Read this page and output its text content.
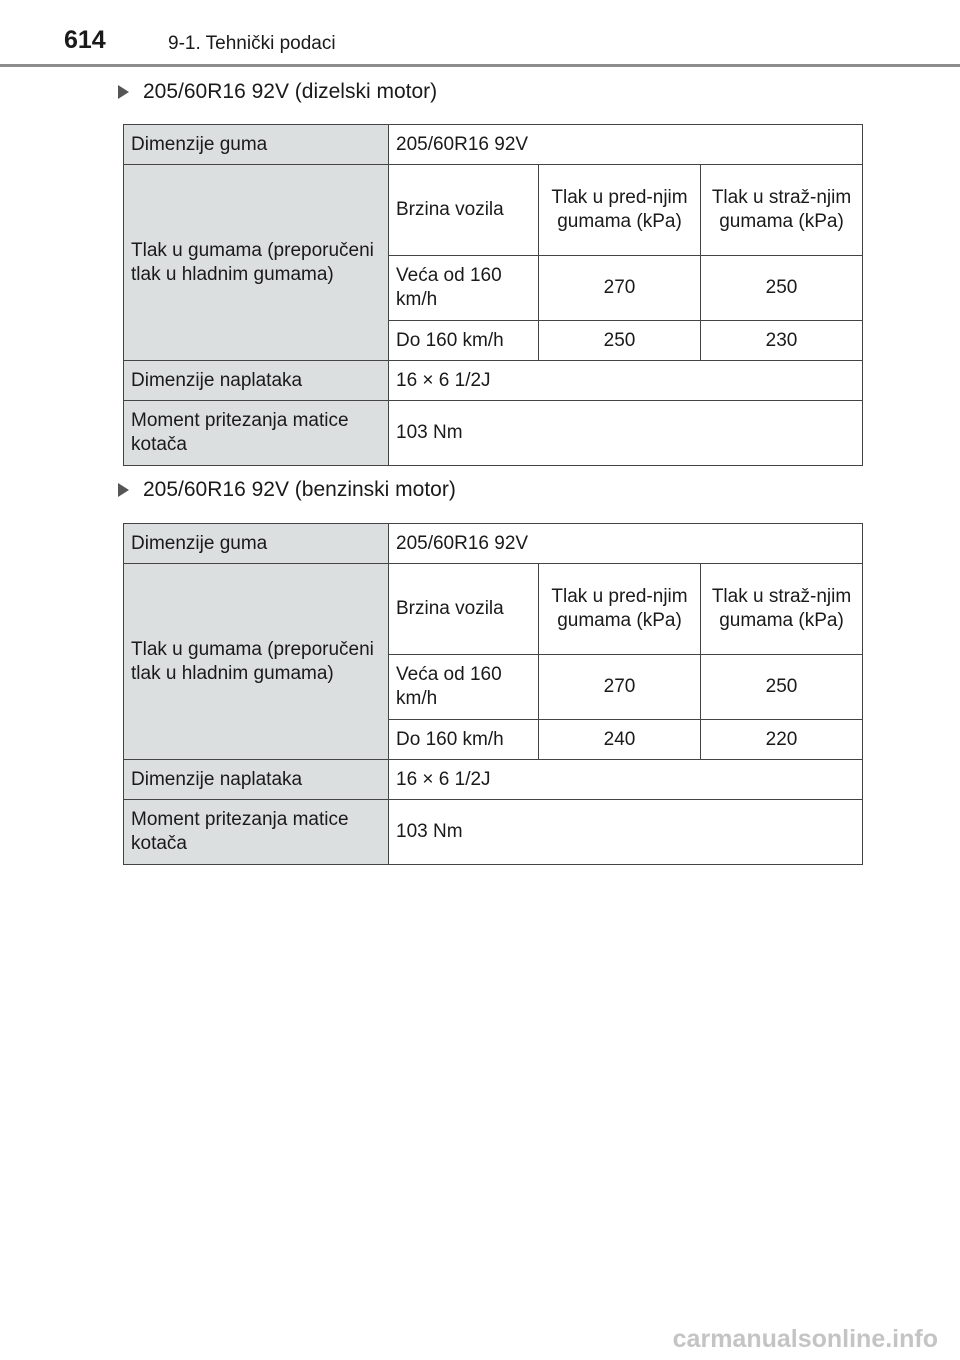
614	9-1. Tehnički podaci
205/60R16 92V (dizelski motor)
Dimenzije guma	205/60R16 92V		
Tlak u gumama (preporučeni tlak u hladnim gumama)	Brzina vozila	Tlak u pred-njim gumama (kPa)	Tlak u straž-njim gumama (kPa)
	Veća od 160 km/h	270	250
	Do 160 km/h	250	230
Dimenzije naplataka	16 × 6 1/2J		
Moment pritezanja matice kotača	103 Nm		
205/60R16 92V (benzinski motor)
Dimenzije guma	205/60R16 92V		
Tlak u gumama (preporučeni tlak u hladnim gumama)	Brzina vozila	Tlak u pred-njim gumama (kPa)	Tlak u straž-njim gumama (kPa)
	Veća od 160 km/h	270	250
	Do 160 km/h	240	220
Dimenzije naplataka	16 × 6 1/2J		
Moment pritezanja matice kotača	103 Nm		
carmanualsonline.info
